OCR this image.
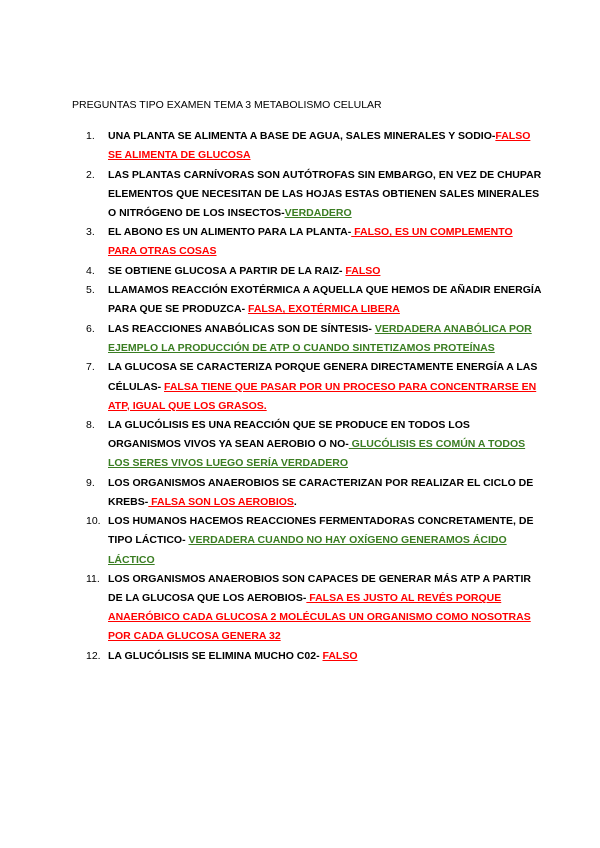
PREGUNTAS TIPO EXAMEN TEMA 3 METABOLISMO CELULAR
1.	UNA PLANTA SE ALIMENTA A BASE DE AGUA, SALES MINERALES Y SODIO-FALSO SE ALIMENTA DE GLUCOSA
2.	LAS PLANTAS CARNÍVORAS SON AUTÓTROFAS SIN EMBARGO, EN VEZ DE CHUPAR ELEMENTOS QUE NECESITAN DE LAS HOJAS ESTAS OBTIENEN SALES MINERALES O NITRÓGENO DE LOS INSECTOS-VERDADERO
3.	EL ABONO ES UN ALIMENTO PARA LA PLANTA- FALSO, ES UN COMPLEMENTO PARA OTRAS COSAS
4.	SE OBTIENE GLUCOSA A PARTIR DE LA RAIZ- FALSO
5.	LLAMAMOS REACCIÓN EXOTÉRMICA A AQUELLA QUE HEMOS DE AÑADIR ENERGÍA PARA QUE SE PRODUZCA- FALSA, EXOTÉRMICA LIBERA
6.	LAS REACCIONES ANABÓLICAS SON DE SÍNTESIS- VERDADERA ANABÓLICA POR EJEMPLO LA PRODUCCIÓN DE ATP O CUANDO SINTETIZAMOS PROTEÍNAS
7.	LA GLUCOSA SE CARACTERIZA PORQUE GENERA DIRECTAMENTE ENERGÍA A LAS CÉLULAS- FALSA TIENE QUE PASAR POR UN PROCESO PARA CONCENTRARSE EN ATP, IGUAL QUE LOS GRASOS.
8.	LA GLUCÓLISIS ES UNA REACCIÓN QUE SE PRODUCE EN TODOS LOS ORGANISMOS VIVOS YA SEAN AEROBIO O NO- GLUCÓLISIS ES COMÚN A TODOS LOS SERES VIVOS LUEGO SERÍA VERDADERO
9.	LOS ORGANISMOS ANAEROBIOS SE CARACTERIZAN POR REALIZAR EL CICLO DE KREBS- FALSA SON LOS AEROBIOS.
10. LOS HUMANOS HACEMOS REACCIONES FERMENTADORAS CONCRETAMENTE, DE TIPO LÁCTICO- VERDADERA CUANDO NO HAY OXÍGENO GENERAMOS ÁCIDO LÁCTICO
11. LOS ORGANISMOS ANAEROBIOS SON CAPACES DE GENERAR MÁS ATP A PARTIR DE LA GLUCOSA QUE LOS AEROBIOS- FALSA ES JUSTO AL REVÉS PORQUE ANAERÓBICO CADA GLUCOSA 2 MOLÉCULAS UN ORGANISMO COMO NOSOTRAS POR CADA GLUCOSA GENERA 32
12. LA GLUCÓLISIS SE ELIMINA MUCHO C02- FALSO
